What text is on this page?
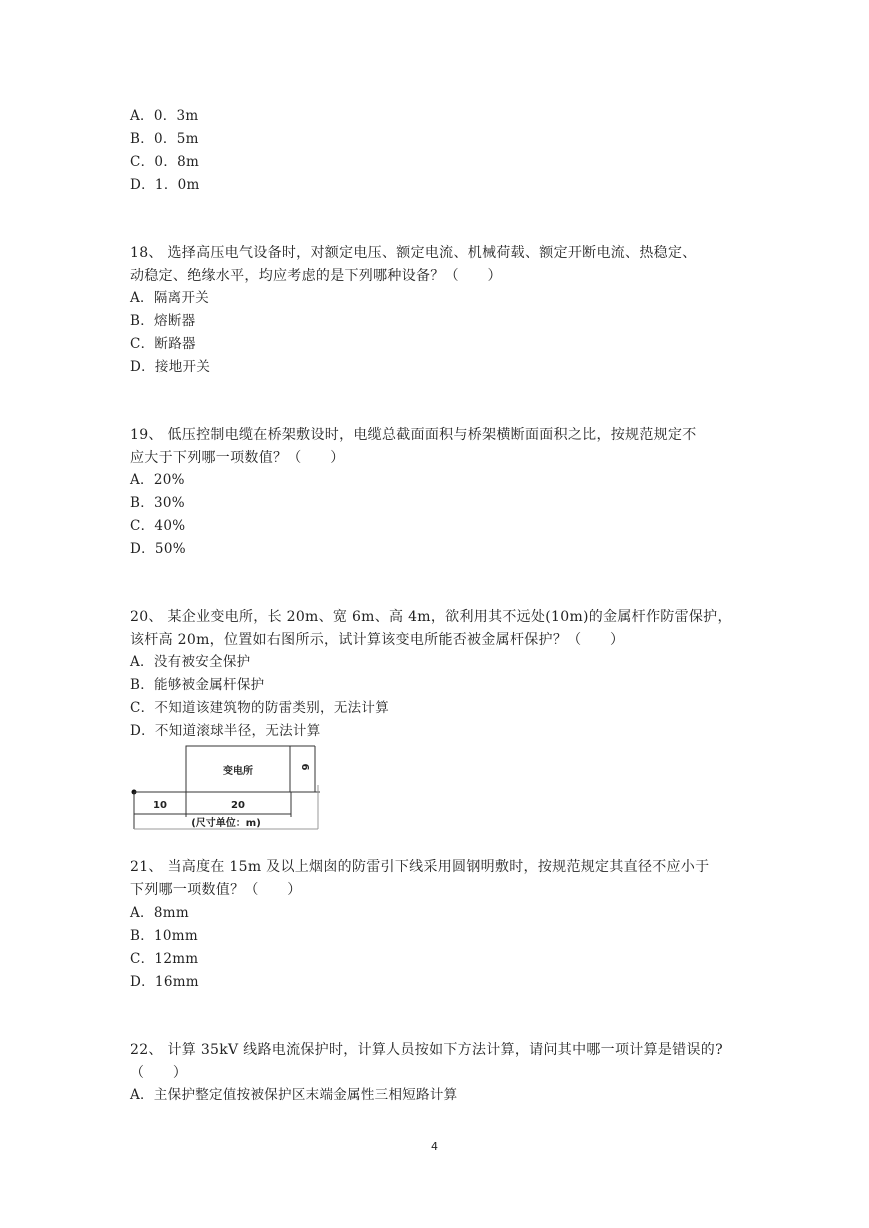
A．0．3m
B．0．5m
C．0．8m
D．1．0m
18、 选择高压电气设备时，对额定电压、额定电流、机械荷载、额定开断电流、热稳定、
动稳定、绝缘水平，均应考虑的是下列哪种设备？（　　）
A．隔离开关
B．熔断器
C．断路器
D．接地开关
19、 低压控制电缆在桥架敷设时，电缆总截面面积与桥架横断面面积之比，按规范规定不
应大于下列哪一项数值？（　　）
A．20%
B．30%
C．40%
D．50%
20、 某企业变电所，长 20m、宽 6m、高 4m，欲利用其不远处(10m)的金属杆作防雷保护，
该杆高 20m，位置如右图所示，试计算该变电所能否被金属杆保护？（　　）
A．没有被安全保护
B．能够被金属杆保护
C．不知道该建筑物的防雷类别，无法计算
D．不知道滚球半径，无法计算
变电所	6
10	20
(尺寸单位：m)
21、 当高度在 15m 及以上烟囱的防雷引下线采用圆钢明敷时，按规范规定其直径不应小于
下列哪一项数值？（　　）
A．8mm
B．10mm
C．12mm
D．16mm
22、 计算 35kV 线路电流保护时，计算人员按如下方法计算，请问其中哪一项计算是错误的?
（　　）
A．主保护整定值按被保护区末端金属性三相短路计算
4
